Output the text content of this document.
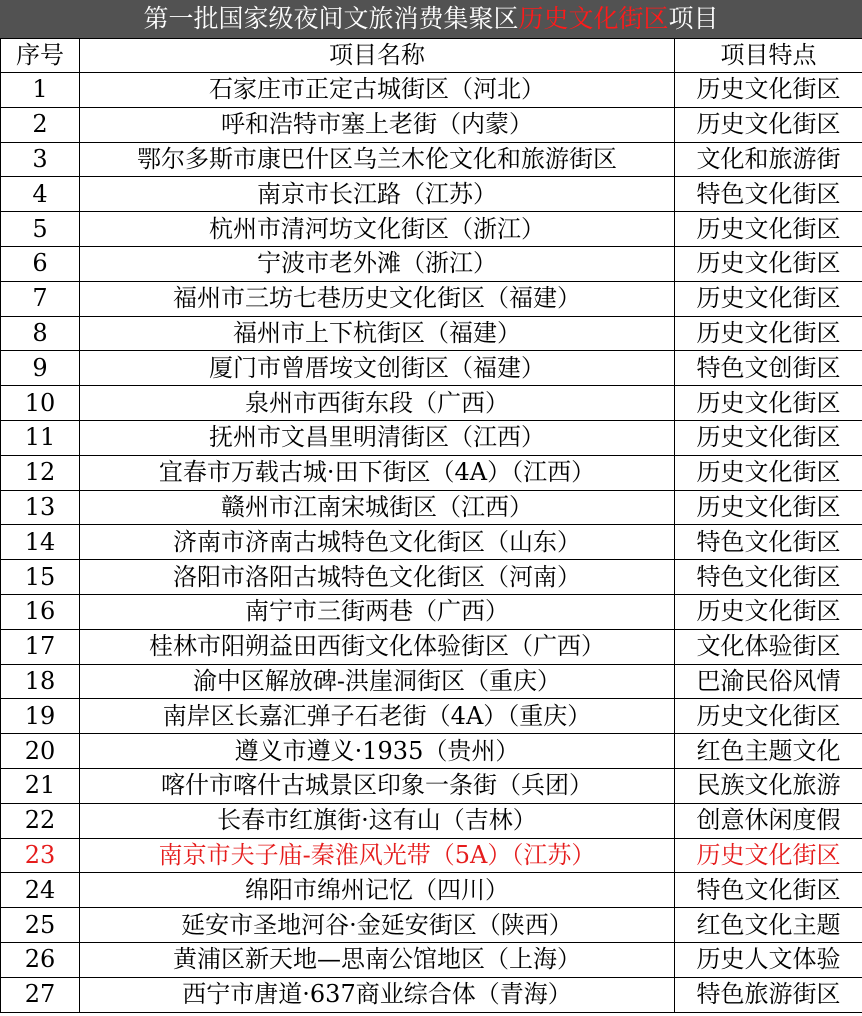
第一批国家级夜间文旅消费集聚区 历史文化街区 项目
序号	项目名称	项目特点
1	石家庄市正定古城街区（河北）	历史文化街区
2	呼和浩特市塞上老街（内蒙）	历史文化街区
3	鄂尔多斯市康巴什区乌兰木伦文化和旅游街区	文化和旅游街
4	南京市长江路（江苏）	特色文化街区
5	杭州市清河坊文化街区（浙江）	历史文化街区
6	宁波市老外滩（浙江）	历史文化街区
7	福州市三坊七巷历史文化街区（福建）	历史文化街区
8	福州市上下杭街区（福建）	历史文化街区
9	厦门市曾厝垵文创街区（福建）	特色文创街区
10	泉州市西街东段（广西）	历史文化街区
11	抚州市文昌里明清街区（江西）	历史文化街区
12	宜春市万载古城·田下街区（4A）（江西）	历史文化街区
13	赣州市江南宋城街区（江西）	历史文化街区
14	济南市济南古城特色文化街区（山东）	特色文化街区
15	洛阳市洛阳古城特色文化街区（河南）	特色文化街区
16	南宁市三街两巷（广西）	历史文化街区
17	桂林市阳朔益田西街文化体验街区（广西）	文化体验街区
18	渝中区解放碑-洪崖洞街区（重庆）	巴渝民俗风情
19	南岸区长嘉汇弹子石老街（4A）（重庆）	历史文化街区
20	遵义市遵义·1935（贵州）	红色主题文化
21	喀什市喀什古城景区印象一条街（兵团）	民族文化旅游
22	长春市红旗街·这有山（吉林）	创意休闲度假
23	南京市夫子庙-秦淮风光带（5A）（江苏）	历史文化街区
24	绵阳市绵州记忆（四川）	特色文化街区
25	延安市圣地河谷·金延安街区（陕西）	红色文化主题
26	黄浦区新天地—思南公馆地区（上海）	历史人文体验
27	西宁市唐道·637商业综合体（青海）	特色旅游街区
